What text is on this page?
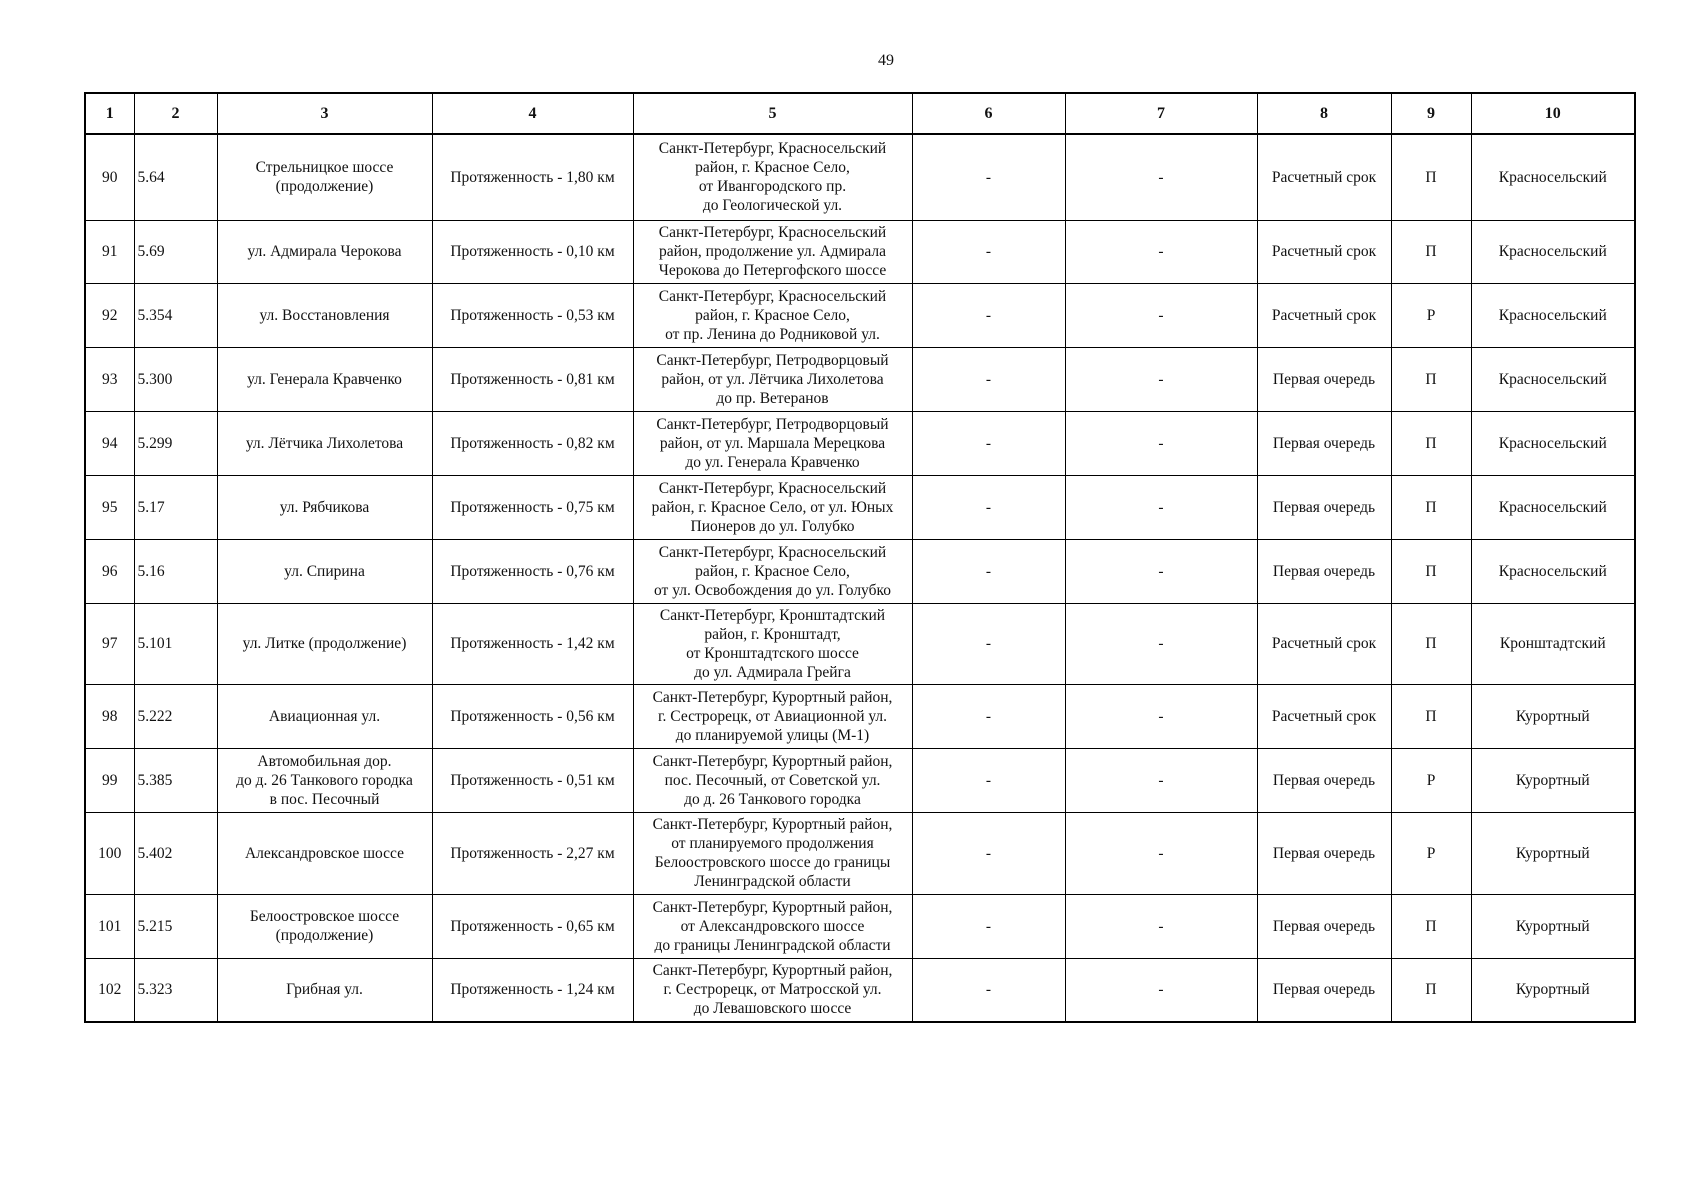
49
1	2	3	4	5	6	7	8	9	10
90	5.64	Стрельницкое шоссе
(продолжение)	Протяженность - 1,80 км	Санкт-Петербург, Красносельский
район, г. Красное Село,
от Ивангородского пр.
до Геологической ул.	-	-	Расчетный срок	П	Красносельский
91	5.69	ул. Адмирала Черокова	Протяженность - 0,10 км	Санкт-Петербург, Красносельский
район, продолжение ул. Адмирала
Черокова до Петергофского шоссе	-	-	Расчетный срок	П	Красносельский
92	5.354	ул. Восстановления	Протяженность - 0,53 км	Санкт-Петербург, Красносельский
район, г. Красное Село,
от пр. Ленина до Родниковой ул.	-	-	Расчетный срок	Р	Красносельский
93	5.300	ул. Генерала Кравченко	Протяженность - 0,81 км	Санкт-Петербург, Петродворцовый
район, от ул. Лётчика Лихолетова
до пр. Ветеранов	-	-	Первая очередь	П	Красносельский
94	5.299	ул. Лётчика Лихолетова	Протяженность - 0,82 км	Санкт-Петербург, Петродворцовый
район, от ул. Маршала Мерецкова
до ул. Генерала Кравченко	-	-	Первая очередь	П	Красносельский
95	5.17	ул. Рябчикова	Протяженность - 0,75 км	Санкт-Петербург, Красносельский
район, г. Красное Село, от ул. Юных
Пионеров до ул. Голубко	-	-	Первая очередь	П	Красносельский
96	5.16	ул. Спирина	Протяженность - 0,76 км	Санкт-Петербург, Красносельский
район, г. Красное Село,
от ул. Освобождения до ул. Голубко	-	-	Первая очередь	П	Красносельский
97	5.101	ул. Литке (продолжение)	Протяженность - 1,42 км	Санкт-Петербург, Кронштадтский
район, г. Кронштадт,
от Кронштадтского шоссе
до ул. Адмирала Грейга	-	-	Расчетный срок	П	Кронштадтский
98	5.222	Авиационная ул.	Протяженность - 0,56 км	Санкт-Петербург, Курортный район,
г. Сестрорецк, от Авиационной ул.
до планируемой улицы (М-1)	-	-	Расчетный срок	П	Курортный
99	5.385	Автомобильная дор.
до д. 26 Танкового городка
в пос. Песочный	Протяженность - 0,51 км	Санкт-Петербург, Курортный район,
пос. Песочный, от Советской ул.
до д. 26 Танкового городка	-	-	Первая очередь	Р	Курортный
100	5.402	Александровское шоссе	Протяженность - 2,27 км	Санкт-Петербург, Курортный район,
от планируемого продолжения
Белоостровского шоссе до границы
Ленинградской области	-	-	Первая очередь	Р	Курортный
101	5.215	Белоостровское шоссе
(продолжение)	Протяженность - 0,65 км	Санкт-Петербург, Курортный район,
от Александровского шоссе
до границы Ленинградской области	-	-	Первая очередь	П	Курортный
102	5.323	Грибная ул.	Протяженность - 1,24 км	Санкт-Петербург, Курортный район,
г. Сестрорецк, от Матросской ул.
до Левашовского шоссе	-	-	Первая очередь	П	Курортный
